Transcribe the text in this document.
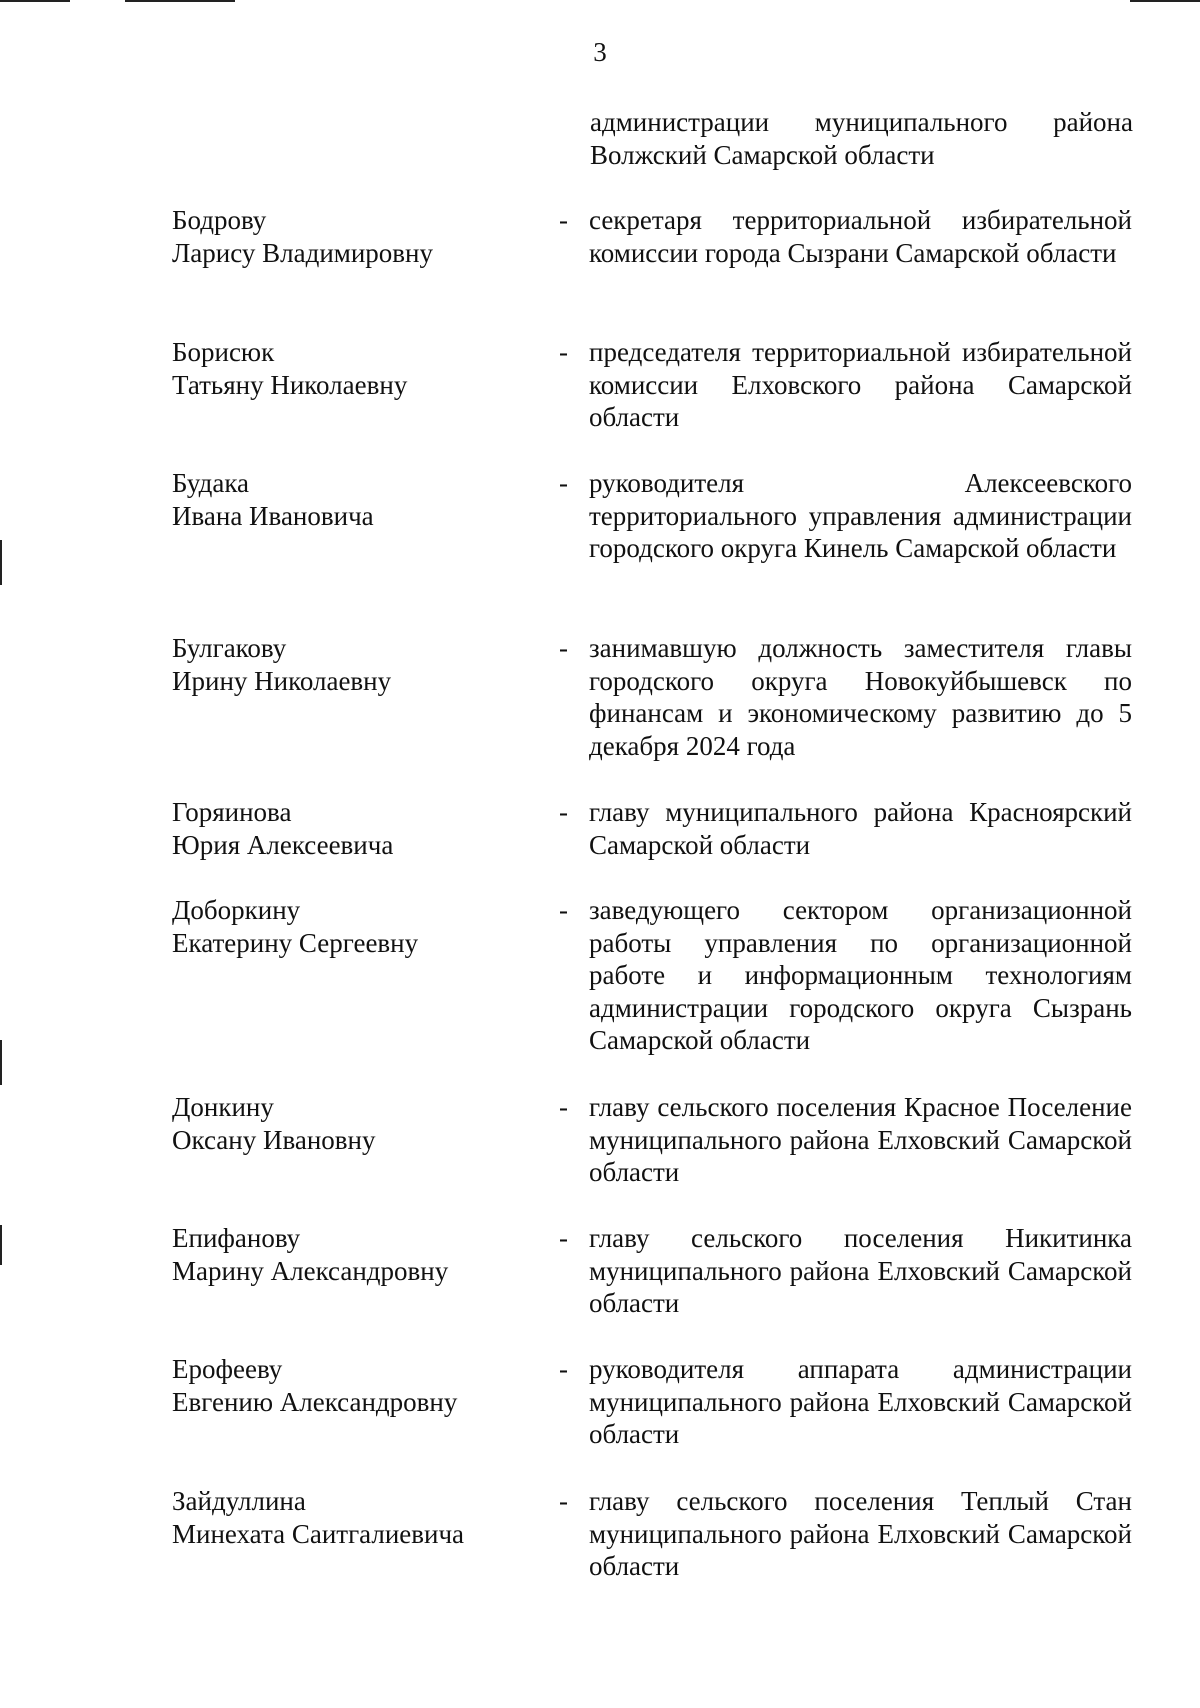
3
администрации муниципального района Волжский Самарской области
Бодрову
Ларису Владимировну
- секретаря территориальной избирательной комиссии города Сызрани Самарской области
Борисюк
Татьяну Николаевну
- председателя территориальной избирательной комиссии Елховского района Самарской области
Будака
Ивана Ивановича
- руководителя Алексеевского территориального управления администрации городского округа Кинель Самарской области
Булгакову
Ирину Николаевну
- занимавшую должность заместителя главы городского округа Новокуйбышевск по финансам и экономическому развитию до 5 декабря 2024 года
Горяинова
Юрия Алексеевича
- главу муниципального района Красноярский Самарской области
Доборкину
Екатерину Сергеевну
- заведующего сектором организационной работы управления по организационной работе и информационным технологиям администрации городского округа Сызрань Самарской области
Донкину
Оксану Ивановну
- главу сельского поселения Красное Поселение муниципального района Елховский Самарской области
Епифанову
Марину Александровну
- главу сельского поселения Никитинка муниципального района Елховский Самарской области
Ерофееву
Евгению Александровну
- руководителя аппарата администрации муниципального района Елховский Самарской области
Зайдуллина
Минехата Саитгалиевича
- главу сельского поселения Теплый Стан муниципального района Елховский Самарской области
